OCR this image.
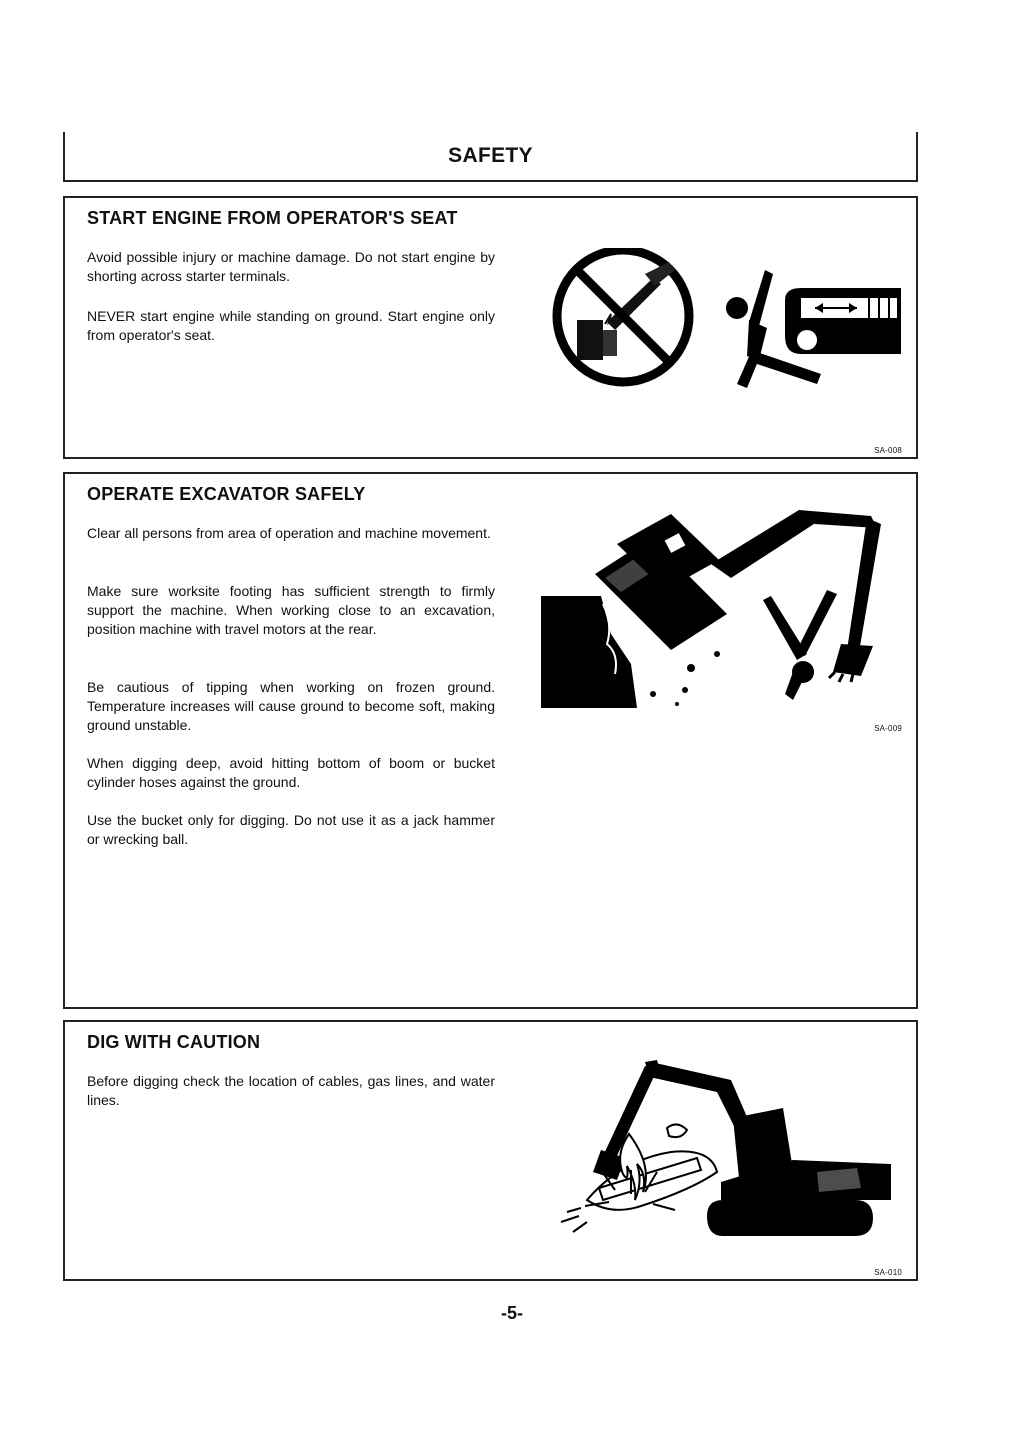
SAFETY
START ENGINE FROM OPERATOR'S SEAT
Avoid possible injury or machine damage. Do not start engine by shorting across starter terminals.
NEVER start engine while standing on ground. Start engine only from operator's seat.
SA-008
OPERATE EXCAVATOR SAFELY
Clear all persons from area of operation and machine movement.
Make sure worksite footing has sufficient strength to firmly support the machine. When working close to an excavation, position machine with travel motors at the rear.
Be cautious of tipping when working on frozen ground. Temperature increases will cause ground to become soft, making ground unstable.
When digging deep, avoid hitting bottom of boom or bucket cylinder hoses against the ground.
Use the bucket only for digging. Do not use it as a jack hammer or wrecking ball.
SA-009
DIG WITH CAUTION
Before digging check the location of cables, gas lines, and water lines.
SA-010
-5-
